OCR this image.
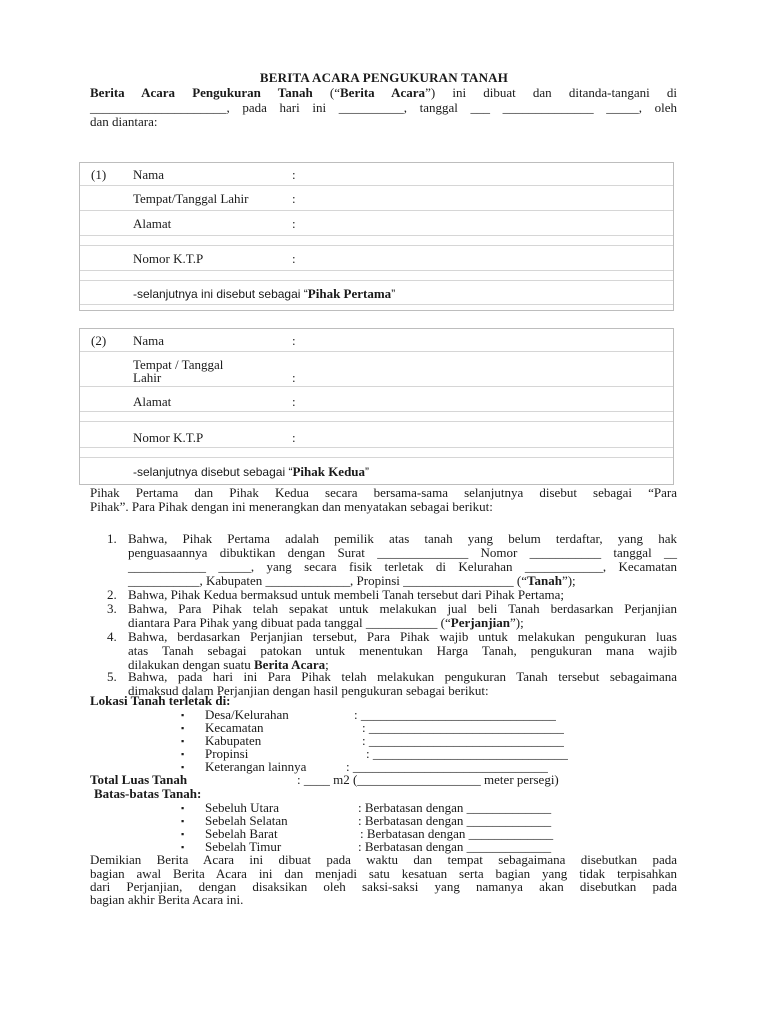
BERITA ACARA PENGUKURAN TANAH
Berita Acara Pengukuran Tanah (“Berita Acara”) ini dibuat dan ditanda-tangani di
_____________________, pada hari ini __________, tanggal ___ ______________ _____, oleh
dan diantara:
(1) Nama	:
Tempat/Tanggal Lahir	:
Alamat	:
Nomor K.T.P	:
-selanjutnya ini disebut sebagai “Pihak Pertama”
(2) Nama	:
Tempat / Tanggal
Lahir	:
Alamat	:
Nomor K.T.P	:
-selanjutnya disebut sebagai “Pihak Kedua”
Pihak Pertama dan Pihak Kedua secara bersama-sama selanjutnya disebut sebagai “Para
Pihak”. Para Pihak dengan ini menerangkan dan menyatakan sebagai berikut:
1. Bahwa, Pihak Pertama adalah pemilik atas tanah yang belum terdaftar, yang hak
penguasaannya dibuktikan dengan Surat ______________ Nomor ___________ tanggal __
____________ _____, yang secara fisik terletak di Kelurahan ____________, Kecamatan
___________, Kabupaten _____________, Propinsi _________________ (“Tanah”);
2. Bahwa, Pihak Kedua bermaksud untuk membeli Tanah tersebut dari Pihak Pertama;
3. Bahwa, Para Pihak telah sepakat untuk melakukan jual beli Tanah berdasarkan Perjanjian
diantara Para Pihak yang dibuat pada tanggal ___________ (“Perjanjian”);
4. Bahwa, berdasarkan Perjanjian tersebut, Para Pihak wajib untuk melakukan pengukuran luas
atas Tanah sebagai patokan untuk menentukan Harga Tanah, pengukuran mana wajib
dilakukan dengan suatu Berita Acara;
5. Bahwa, pada hari ini Para Pihak telah melakukan pengukuran Tanah tersebut sebagaimana
dimaksud dalam Perjanjian dengan hasil pengukuran sebagai berikut:
Lokasi Tanah terletak di:
▪ Desa/Kelurahan	: ______________________________
▪ Kecamatan	: ______________________________
▪ Kabupaten	: ______________________________
▪ Propinsi	: ______________________________
▪ Keterangan lainnya	: ______________________________
Total Luas Tanah	: ____ m2 (___________________ meter persegi)
Batas-batas Tanah:
▪ Sebeluh Utara	: Berbatasan dengan _____________
▪ Sebelah Selatan	: Berbatasan dengan _____________
▪ Sebelah Barat	: Berbatasan dengan _____________
▪ Sebelah Timur	: Berbatasan dengan _____________
Demikian Berita Acara ini dibuat pada waktu dan tempat sebagaimana disebutkan pada
bagian awal Berita Acara ini dan menjadi satu kesatuan serta bagian yang tidak terpisahkan
dari Perjanjian, dengan disaksikan oleh saksi-saksi yang namanya akan disebutkan pada
bagian akhir Berita Acara ini.
